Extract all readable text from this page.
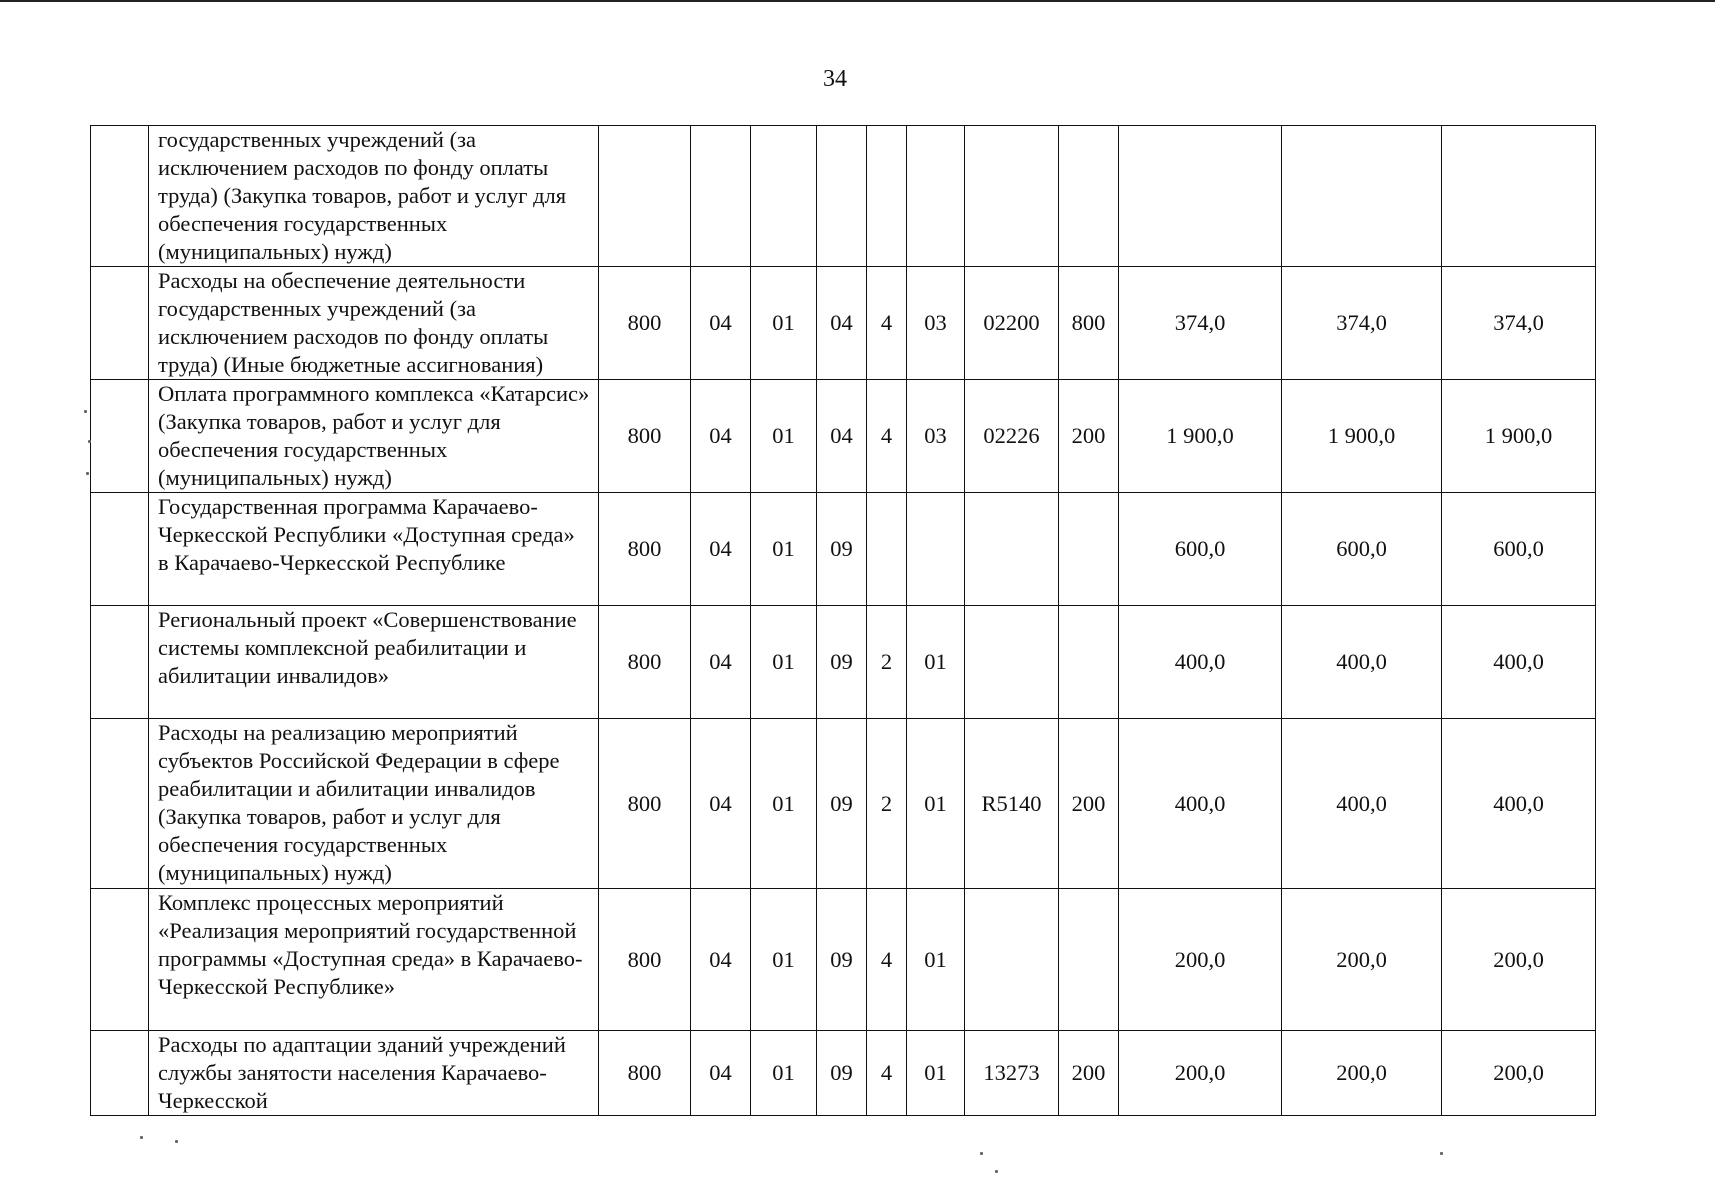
34
	государственных учреждений (за исключением расходов по фонду оплаты труда) (Закупка товаров, работ и услуг для обеспечения государственных (муниципальных) нужд)											
	Расходы на обеспечение деятельности государственных учреждений (за исключением расходов по фонду оплаты труда) (Иные бюджетные ассигнования)	800	04	01	04	4	03	02200	800	374,0	374,0	374,0
	Оплата программного комплекса «Катарсис» (Закупка товаров, работ и услуг для обеспечения государственных (муниципальных) нужд)	800	04	01	04	4	03	02226	200	1 900,0	1 900,0	1 900,0
	Государственная программа Карачаево-Черкесской Республики «Доступная среда» в Карачаево-Черкесской Республике	800	04	01	09					600,0	600,0	600,0
	Региональный проект «Совершенствование системы комплексной реабилитации и абилитации инвалидов»	800	04	01	09	2	01			400,0	400,0	400,0
	Расходы на реализацию мероприятий субъектов Российской Федерации в сфере реабилитации и абилитации инвалидов (Закупка товаров, работ и услуг для обеспечения государственных (муниципальных) нужд)	800	04	01	09	2	01	R5140	200	400,0	400,0	400,0
	Комплекс процессных мероприятий «Реализация мероприятий государственной программы «Доступная среда» в Карачаево-Черкесской Республике»	800	04	01	09	4	01			200,0	200,0	200,0
	Расходы по адаптации зданий учреждений службы занятости населения Карачаево-Черкесской	800	04	01	09	4	01	13273	200	200,0	200,0	200,0
